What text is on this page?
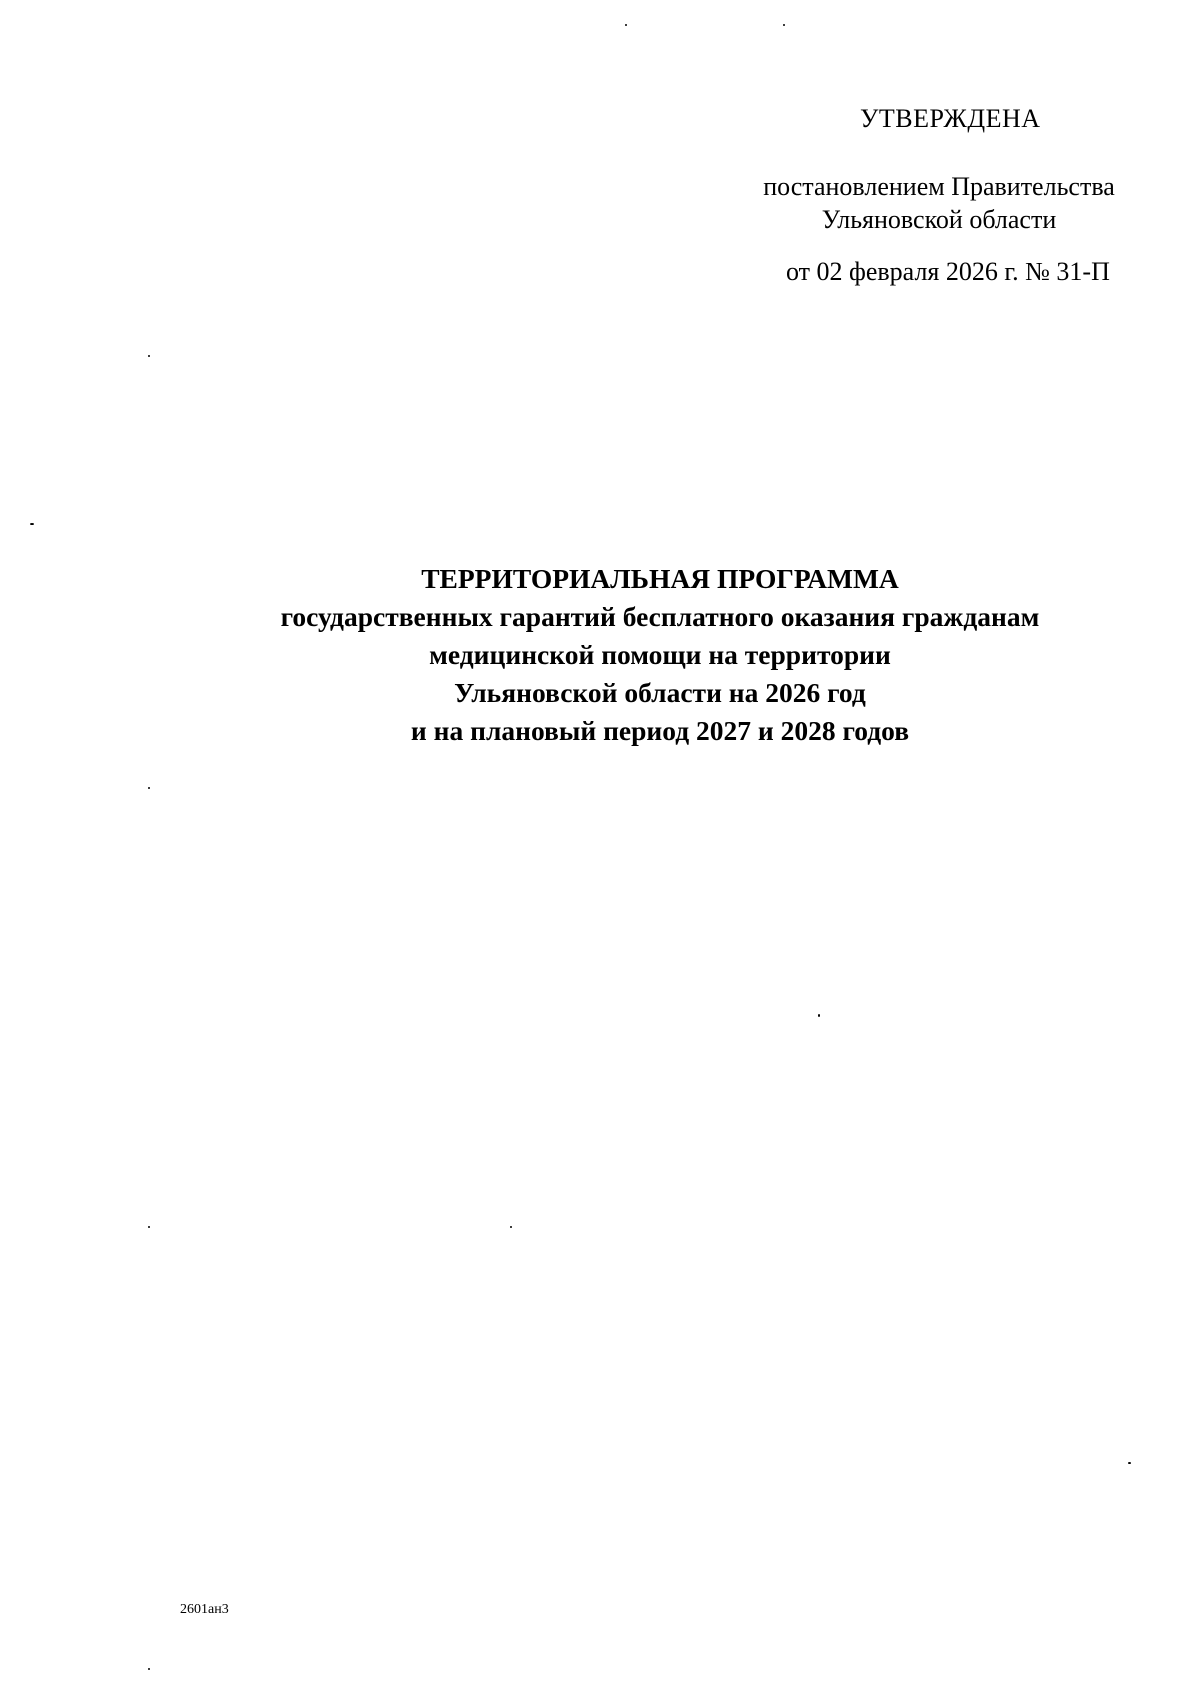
УТВЕРЖДЕНА
постановлением Правительства
Ульяновской области
от 02 февраля 2026 г. № 31-П
ТЕРРИТОРИАЛЬНАЯ ПРОГРАММА
государственных гарантий бесплатного оказания гражданам
медицинской помощи на территории
Ульяновской области на 2026 год
и на плановый период 2027 и 2028 годов
2601ан3
